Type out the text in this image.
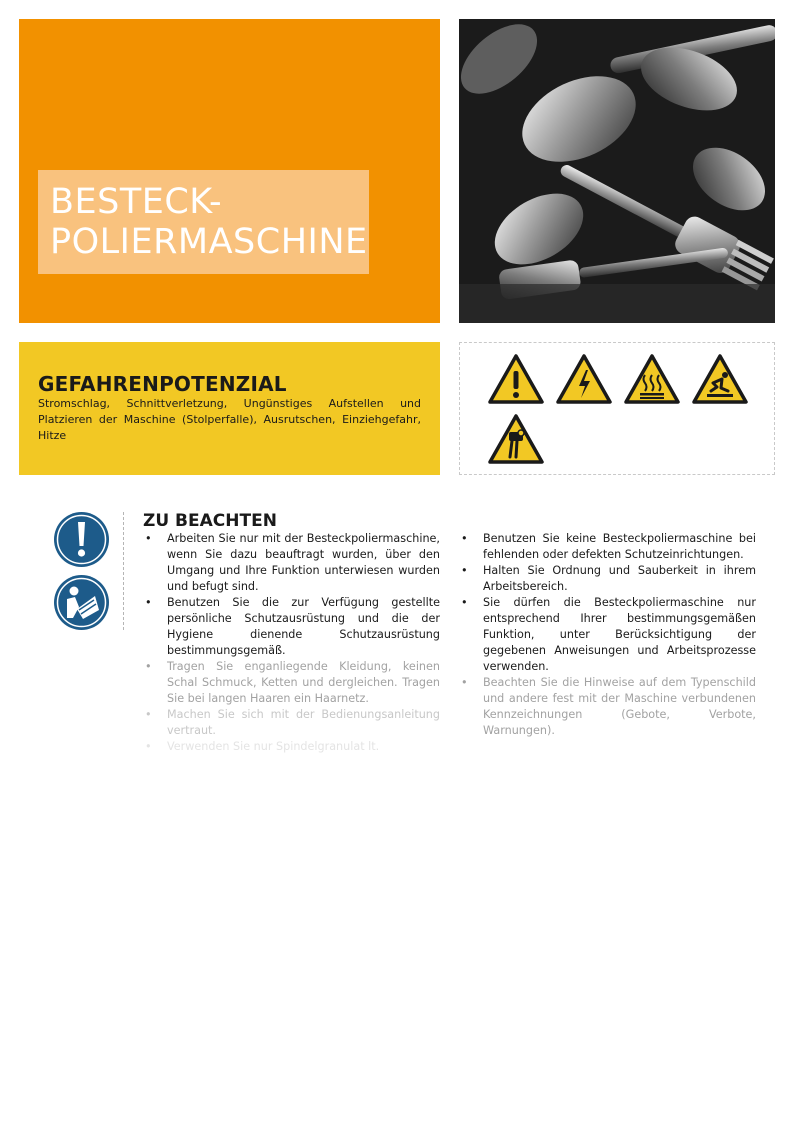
BESTECK-
POLIERMASCHINE
GEFAHRENPOTENZIAL

Stromschlag, Schnittverletzung, Ungünstiges Aufstellen und Platzieren der Maschine (Stolperfalle), Ausrutschen, Einziehgefahr, Hitze

ZU BEACHTEN
• Arbeiten Sie nur mit der Besteckpoliermaschine, wenn Sie dazu beauftragt wurden, über den Umgang und Ihre Funktion unterwiesen wurden und befugt sind.
• Benutzen Sie die zur Verfügung gestellte persönliche Schutzausrüstung und die der Hygiene dienende Schutzausrüstung bestimmungsgemäß.
• Tragen Sie enganliegende Kleidung, keinen Schal Schmuck, Ketten und dergleichen. Tragen Sie bei langen Haaren ein Haarnetz.
• Machen Sie sich mit der Bedienungsanleitung vertraut.
• Verwenden Sie nur Spindelgranulat lt.
• Benutzen Sie keine Besteckpoliermaschine bei fehlenden oder defekten Schutzeinrichtungen.
• Halten Sie Ordnung und Sauberkeit in ihrem Arbeitsbereich.
• Sie dürfen die Besteckpoliermaschine nur entsprechend Ihrer bestimmungsgemäßen Funktion, unter Berücksichtigung der gegebenen Anweisungen und Arbeitsprozesse verwenden.
• Beachten Sie die Hinweise auf dem Typenschild und andere fest mit der Maschine verbundenen Kennzeichnungen (Gebote, Verbote, Warnungen).
